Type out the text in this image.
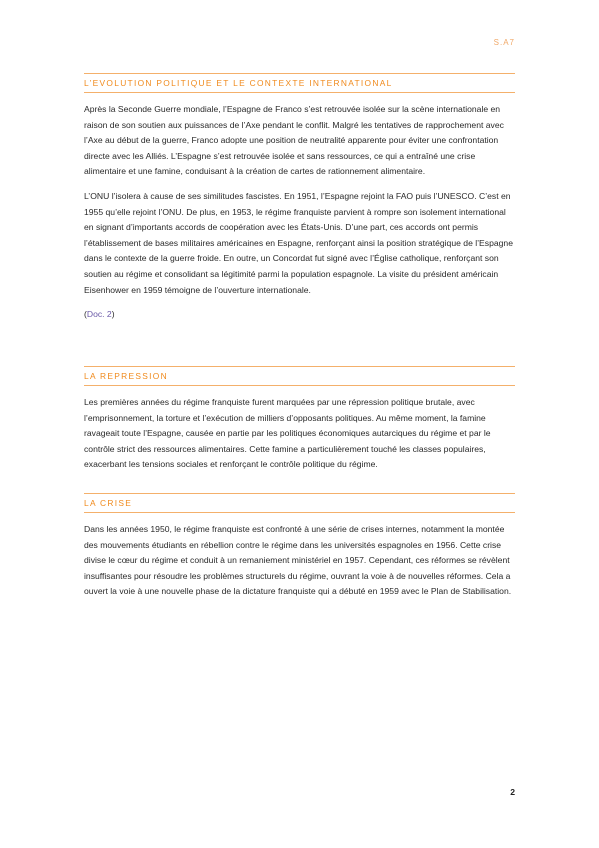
S.A7
L’EVOLUTION POLITIQUE ET LE CONTEXTE INTERNATIONAL

Après la Seconde Guerre mondiale, l’Espagne de Franco s’est retrouvée isolée sur la scène internationale en raison de son soutien aux puissances de l’Axe pendant le conflit. Malgré les tentatives de rapprochement avec l’Axe au début de la guerre, Franco adopte une position de neutralité apparente pour éviter une confrontation directe avec les Alliés. L’Espagne s’est retrouvée isolée et sans ressources, ce qui a entraîné une crise alimentaire et une famine, conduisant à la création de cartes de rationnement alimentaire.

L’ONU l’isolera à cause de ses similitudes fascistes. En 1951, l’Espagne rejoint la FAO puis l’UNESCO. C’est en 1955 qu’elle rejoint l’ONU. De plus, en 1953, le régime franquiste parvient à rompre son isolement international en signant d’importants accords de coopération avec les États-Unis. D’une part, ces accords ont permis l’établissement de bases militaires américaines en Espagne, renforçant ainsi la position stratégique de l’Espagne dans le contexte de la guerre froide. En outre, un Concordat fut signé avec l’Église catholique, renforçant son soutien au régime et consolidant sa légitimité parmi la population espagnole. La visite du président américain Eisenhower en 1959 témoigne de l’ouverture internationale.

(Doc. 2)

LA REPRESSION

Les premières années du régime franquiste furent marquées par une répression politique brutale, avec l’emprisonnement, la torture et l’exécution de milliers d’opposants politiques. Au même moment, la famine ravageait toute l’Espagne, causée en partie par les politiques économiques autarciques du régime et par le contrôle strict des ressources alimentaires. Cette famine a particulièrement touché les classes populaires, exacerbant les tensions sociales et renforçant le contrôle politique du régime.

LA CRISE

Dans les années 1950, le régime franquiste est confronté à une série de crises internes, notamment la montée des mouvements étudiants en rébellion contre le régime dans les universités espagnoles en 1956. Cette crise divise le cœur du régime et conduit à un remaniement ministériel en 1957. Cependant, ces réformes se révèlent insuffisantes pour résoudre les problèmes structurels du régime, ouvrant la voie à de nouvelles réformes. Cela a ouvert la voie à une nouvelle phase de la dictature franquiste qui a débuté en 1959 avec le Plan de Stabilisation.

2
